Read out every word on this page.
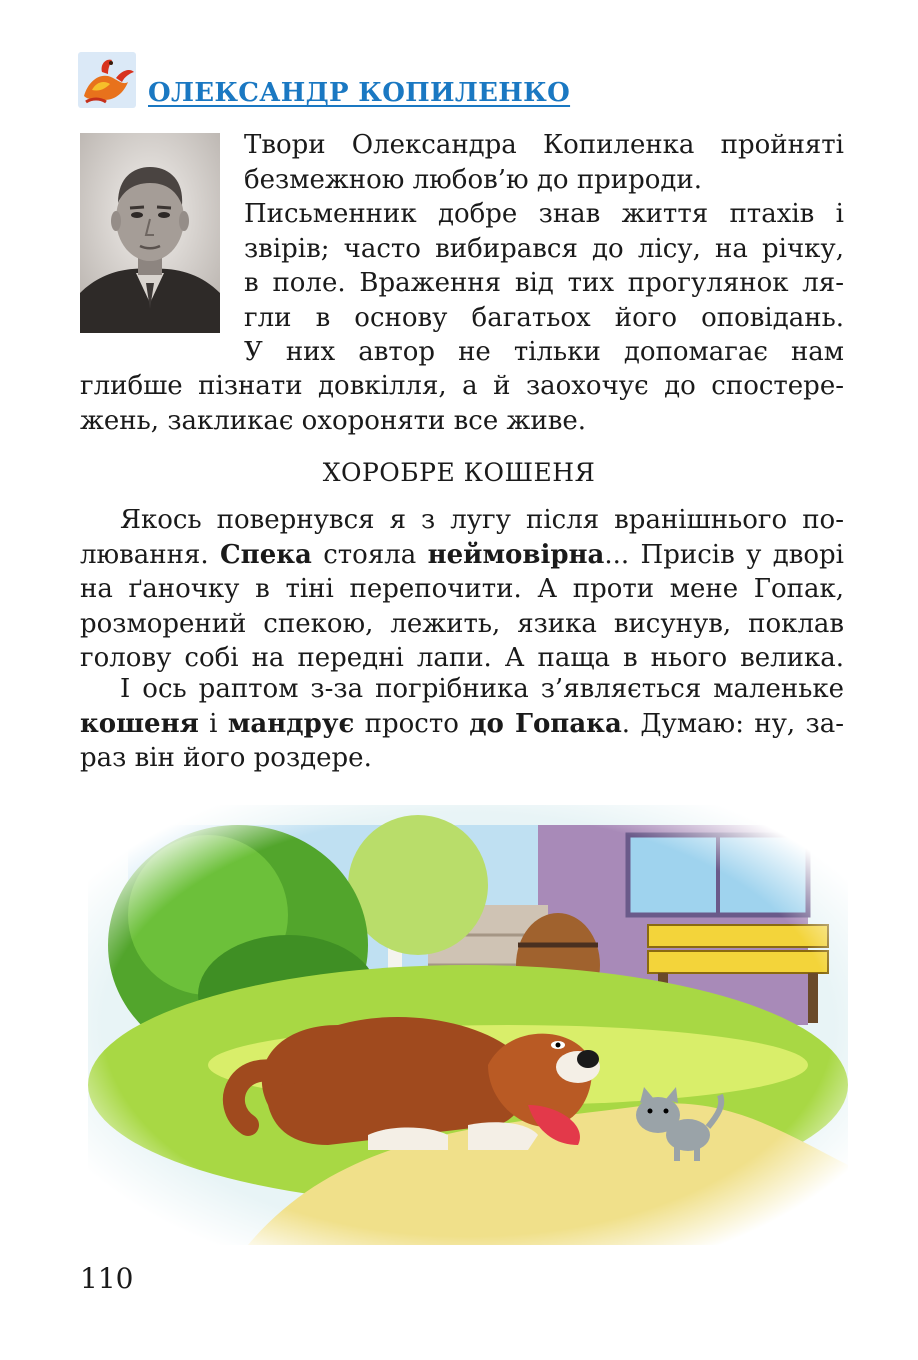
ОЛЕКСАНДР КОПИЛЕНКО
Твори Олександра Копиленка пройняті
безмежною любов’ю до природи.
Письменник добре знав життя птахів і
звірів; часто вибирався до лісу, на річку,
в поле. Враження від тих прогулянок ля-
гли в основу багатьох його оповідань.
У них автор не тільки допомагає нам
глибше пізнати довкілля, а й заохочує до спостере-
жень, закликає охороняти все живе.
ХОРОБРЕ КОШЕНЯ
Якось повернувся я з лугу після вранішнього по-
лювання. Спека стояла неймовірна... Присів у дворі
на ґаночку в тіні перепочити. А проти мене Гопак,
розморений спекою, лежить, язика висунув, поклав
голову собі на передні лапи. А паща в нього велика.
І ось раптом з-за погрібника з’являється маленьке
кошеня і мандрує просто до Гопака. Думаю: ну, за-
раз він його роздере.
110
